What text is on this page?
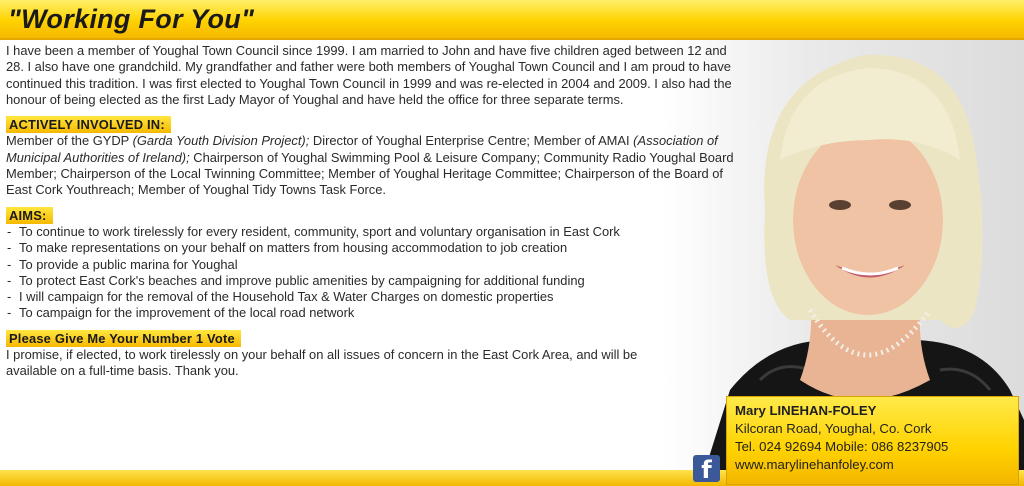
"Working For You"

I have been a member of Youghal Town Council since 1999. I am married to John and have five children aged between 12 and 28. I also have one grandchild. My grandfather and father were both members of Youghal Town Council and I am proud to have continued this tradition. I was first elected to Youghal Town Council in 1999 and was re-elected in 2004 and 2009. I also had the honour of being elected as the first Lady Mayor of Youghal and have held the office for three separate terms.

ACTIVELY INVOLVED IN:

Member of the GYDP (Garda Youth Division Project); Director of Youghal Enterprise Centre; Member of AMAI (Association of Municipal Authorities of Ireland); Chairperson of Youghal Swimming Pool & Leisure Company; Community Radio Youghal Board Member; Chairperson of the Local Twinning Committee; Member of Youghal Heritage Committee; Chairperson of the Board of East Cork Youthreach; Member of Youghal Tidy Towns Task Force.

AIMS:
- To continue to work tirelessly for every resident, community, sport and voluntary organisation in East Cork
- To make representations on your behalf on matters from housing accommodation to job creation
- To provide a public marina for Youghal
- To protect East Cork's beaches and improve public amenities by campaigning for additional funding
- I will campaign for the removal of the Household Tax & Water Charges on domestic properties
- To campaign for the improvement of the local road network
Please Give Me Your Number 1 Vote

I promise, if elected, to work tirelessly on your behalf on all issues of concern in the East Cork Area, and will be available on a full-time basis. Thank you.

f
Mary LINEHAN-FOLEY
Kilcoran Road, Youghal, Co. Cork
Tel. 024 92694 Mobile: 086 8237905
www.marylinehanfoley.com
